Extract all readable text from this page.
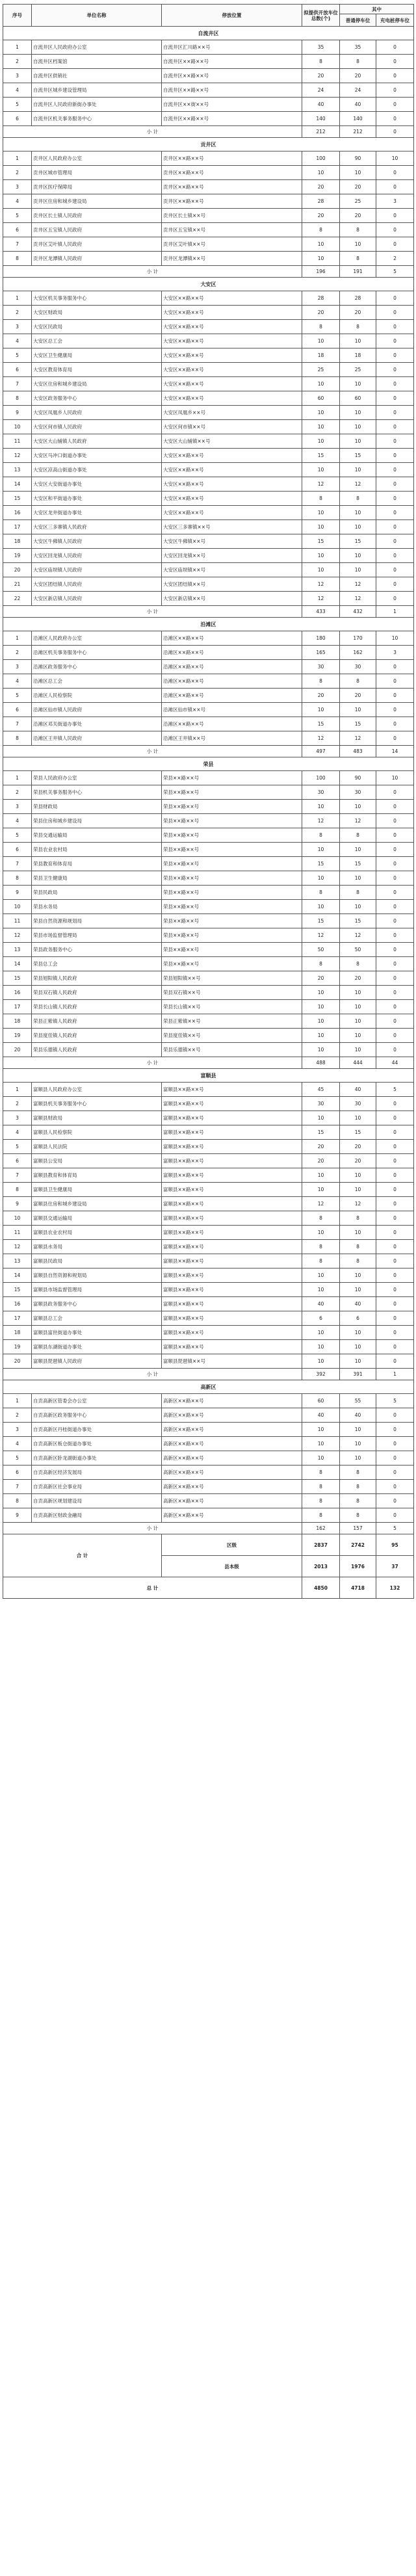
序号	单位名称	停放位置	拟提供开放车位总数(个)	其中	
				普通停车位	充电桩停车位
自流井区					
1	自流井区人民政府办公室	自流井区汇川路××号	35	35	0
2	自流井区档案馆	自流井区××路××号	8	8	0
3	自流井区供销社	自流井区××路××号	20	20	0
4	自流井区城乡建设管理局	自流井区××路××号	24	24	0
5	自流井区人民政府新街办事处	自流井区××街××号	40	40	0
6	自流井区机关事务服务中心	自流井区××路××号	140	140	0
小 计			212	212	0
贡井区					
1	贡井区人民政府办公室	贡井区××路××号	100	90	10
2	贡井区城市管理局	贡井区××路××号	10	10	0
3	贡井区医疗保障局	贡井区××路××号	20	20	0
4	贡井区住房和城乡建设局	贡井区××路××号	28	25	3
5	贡井区长土镇人民政府	贡井区长土镇××号	20	20	0
6	贡井区五宝镇人民政府	贡井区五宝镇××号	8	8	0
7	贡井区艾叶镇人民政府	贡井区艾叶镇××号	10	10	0
8	贡井区龙潭镇人民政府	贡井区龙潭镇××号	10	8	2
小 计			196	191	5
大安区					
1	大安区机关事务服务中心	大安区××路××号	28	28	0
2	大安区财政局	大安区××路××号	20	20	0
3	大安区民政局	大安区××路××号	8	8	0
4	大安区总工会	大安区××路××号	10	10	0
5	大安区卫生健康局	大安区××路××号	18	18	0
6	大安区教育体育局	大安区××路××号	25	25	0
7	大安区住房和城乡建设局	大安区××路××号	10	10	0
8	大安区政务服务中心	大安区××路××号	60	60	0
9	大安区凤凰乡人民政府	大安区凤凰乡××号	10	10	0
10	大安区何市镇人民政府	大安区何市镇××号	10	10	0
11	大安区大山铺镇人民政府	大安区大山铺镇××号	10	10	0
12	大安区马冲口街道办事处	大安区××路××号	15	15	0
13	大安区凉高山街道办事处	大安区××路××号	10	10	0
14	大安区大安街道办事处	大安区××路××号	12	12	0
15	大安区和平街道办事处	大安区××路××号	8	8	0
16	大安区龙井街道办事处	大安区××路××号	10	10	0
17	大安区三多寨镇人民政府	大安区三多寨镇××号	10	10	0
18	大安区牛佛镇人民政府	大安区牛佛镇××号	15	15	0
19	大安区回龙镇人民政府	大安区回龙镇××号	10	10	0
20	大安区庙坝镇人民政府	大安区庙坝镇××号	10	10	0
21	大安区团结镇人民政府	大安区团结镇××号	12	12	0
22	大安区新店镇人民政府	大安区新店镇××号	12	12	0
小 计			433	432	1
沿滩区					
1	沿滩区人民政府办公室	沿滩区××路××号	180	170	10
2	沿滩区机关事务服务中心	沿滩区××路××号	165	162	3
3	沿滩区政务服务中心	沿滩区××路××号	30	30	0
4	沿滩区总工会	沿滩区××路××号	8	8	0
5	沿滩区人民检察院	沿滩区××路××号	20	20	0
6	沿滩区仙市镇人民政府	沿滩区仙市镇××号	10	10	0
7	沿滩区邓关街道办事处	沿滩区××路××号	15	15	0
8	沿滩区王井镇人民政府	沿滩区王井镇××号	12	12	0
小 计			497	483	14
荣县					
1	荣县人民政府办公室	荣县××路××号	100	90	10
2	荣县机关事务服务中心	荣县××路××号	30	30	0
3	荣县财政局	荣县××路××号	10	10	0
4	荣县住房和城乡建设局	荣县××路××号	12	12	0
5	荣县交通运输局	荣县××路××号	8	8	0
6	荣县农业农村局	荣县××路××号	10	10	0
7	荣县教育和体育局	荣县××路××号	15	15	0
8	荣县卫生健康局	荣县××路××号	10	10	0
9	荣县民政局	荣县××路××号	8	8	0
10	荣县水务局	荣县××路××号	10	10	0
11	荣县自然资源和规划局	荣县××路××号	15	15	0
12	荣县市场监督管理局	荣县××路××号	12	12	0
13	荣县政务服务中心	荣县××路××号	50	50	0
14	荣县总工会	荣县××路××号	8	8	0
15	荣县旭阳镇人民政府	荣县旭阳镇××号	20	20	0
16	荣县双石镇人民政府	荣县双石镇××号	10	10	0
17	荣县长山镇人民政府	荣县长山镇××号	10	10	0
18	荣县正紫镇人民政府	荣县正紫镇××号	10	10	0
19	荣县度佳镇人民政府	荣县度佳镇××号	10	10	0
20	荣县乐德镇人民政府	荣县乐德镇××号	10	10	0
小 计			488	444	44
富顺县					
1	富顺县人民政府办公室	富顺县××路××号	45	40	5
2	富顺县机关事务服务中心	富顺县××路××号	30	30	0
3	富顺县财政局	富顺县××路××号	10	10	0
4	富顺县人民检察院	富顺县××路××号	15	15	0
5	富顺县人民法院	富顺县××路××号	20	20	0
6	富顺县公安局	富顺县××路××号	20	20	0
7	富顺县教育和体育局	富顺县××路××号	10	10	0
8	富顺县卫生健康局	富顺县××路××号	10	10	0
9	富顺县住房和城乡建设局	富顺县××路××号	12	12	0
10	富顺县交通运输局	富顺县××路××号	8	8	0
11	富顺县农业农村局	富顺县××路××号	10	10	0
12	富顺县水务局	富顺县××路××号	8	8	0
13	富顺县民政局	富顺县××路××号	8	8	0
14	富顺县自然资源和规划局	富顺县××路××号	10	10	0
15	富顺县市场监督管理局	富顺县××路××号	10	10	0
16	富顺县政务服务中心	富顺县××路××号	40	40	0
17	富顺县总工会	富顺县××路××号	6	6	0
18	富顺县富世街道办事处	富顺县××路××号	10	10	0
19	富顺县东湖街道办事处	富顺县××路××号	10	10	0
20	富顺县琵琶镇人民政府	富顺县琵琶镇××号	10	10	0
小 计			392	391	1
高新区					
1	自贡高新区管委会办公室	高新区××路××号	60	55	5
2	自贡高新区政务服务中心	高新区××路××号	40	40	0
3	自贡高新区丹桂街道办事处	高新区××路××号	10	10	0
4	自贡高新区板仓街道办事处	高新区××路××号	10	10	0
5	自贡高新区卧龙湖街道办事处	高新区××路××号	10	10	0
6	自贡高新区经济发展局	高新区××路××号	8	8	0
7	自贡高新区社会事业局	高新区××路××号	8	8	0
8	自贡高新区规划建设局	高新区××路××号	8	8	0
9	自贡高新区财政金融局	高新区××路××号	8	8	0
小 计			162	157	5
合 计		区级	2837	2742	95
		县本级	2013	1976	37
总 计			4850	4718	132
